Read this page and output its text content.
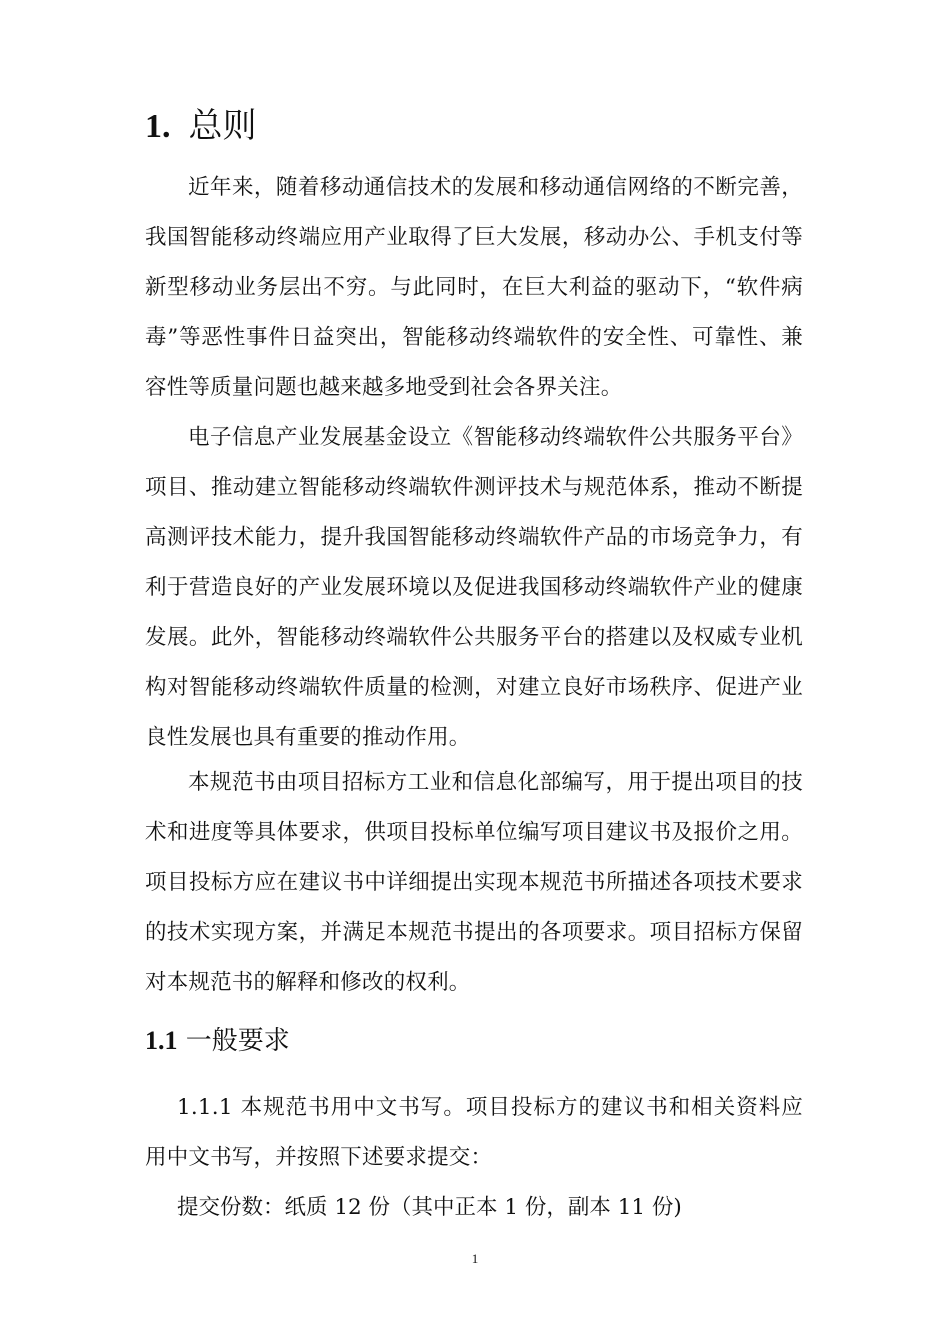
1. 总则

近年来，随着移动通信技术的发展和移动通信网络的不断完善，我国智能移动终端应用产业取得了巨大发展，移动办公、手机支付等新型移动业务层出不穷。与此同时，在巨大利益的驱动下，“软件病毒”等恶性事件日益突出，智能移动终端软件的安全性、可靠性、兼容性等质量问题也越来越多地受到社会各界关注。

电子信息产业发展基金设立《智能移动终端软件公共服务平台》项目、推动建立智能移动终端软件测评技术与规范体系，推动不断提高测评技术能力，提升我国智能移动终端软件产品的市场竞争力，有利于营造良好的产业发展环境以及促进我国移动终端软件产业的健康发展。此外，智能移动终端软件公共服务平台的搭建以及权威专业机构对智能移动终端软件质量的检测，对建立良好市场秩序、促进产业良性发展也具有重要的推动作用。

本规范书由项目招标方工业和信息化部编写，用于提出项目的技术和进度等具体要求，供项目投标单位编写项目建议书及报价之用。项目投标方应在建议书中详细提出实现本规范书所描述各项技术要求的技术实现方案，并满足本规范书提出的各项要求。项目招标方保留对本规范书的解释和修改的权利。

1.1 一般要求

1.1.1 本规范书用中文书写。项目投标方的建议书和相关资料应用中文书写，并按照下述要求提交：

提交份数：纸质 12 份（其中正本 1 份，副本 11 份)

1
